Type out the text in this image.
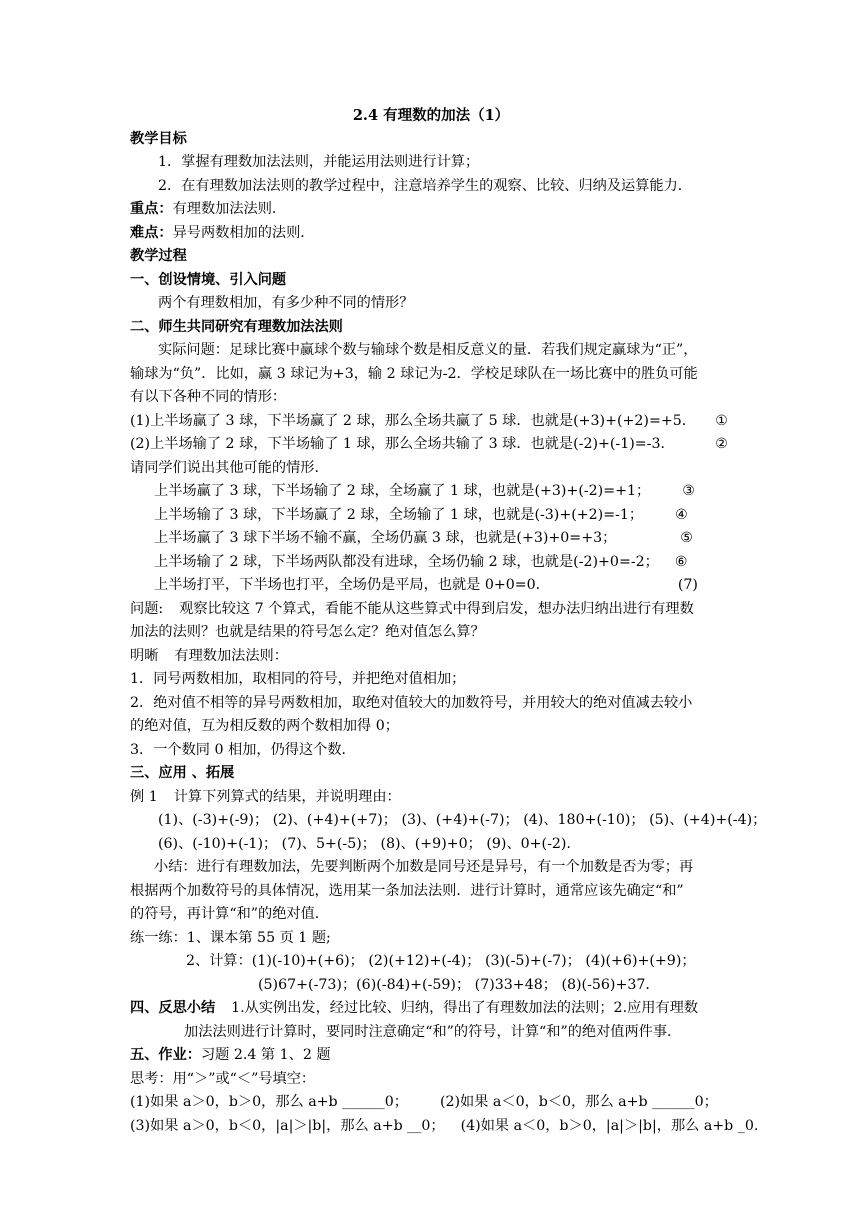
2.4 有理数的加法（1）
教学目标
1．掌握有理数加法法则，并能运用法则进行计算；
2．在有理数加法法则的教学过程中，注意培养学生的观察、比较、归纳及运算能力．
重点：有理数加法法则．
难点：异号两数相加的法则．
教学过程
一、创设情境、引入问题
两个有理数相加，有多少种不同的情形？
二、师生共同研究有理数加法法则
实际问题：足球比赛中赢球个数与输球个数是相反意义的量．若我们规定赢球为“正”，
输球为“负”．比如，赢 3 球记为+3，输 2 球记为-2．学校足球队在一场比赛中的胜负可能
有以下各种不同的情形：
(1)上半场赢了 3 球，下半场赢了 2 球，那么全场共赢了 5 球．也就是(+3)+(+2)=+5． ①
(2)上半场输了 2 球，下半场输了 1 球，那么全场共输了 3 球．也就是(-2)+(-1)=-3．	②
请同学们说出其他可能的情形．
上半场赢了 3 球，下半场输了 2 球，全场赢了 1 球，也就是(+3)+(-2)=+1； ③
上半场输了 3 球，下半场赢了 2 球，全场输了 1 球，也就是(-3)+(+2)=-1； ④
上半场赢了 3 球下半场不输不赢，全场仍赢 3 球，也就是(+3)+0=+3；	⑤
上半场输了 2 球，下半场两队都没有进球，全场仍输 2 球，也就是(-2)+0=-2； ⑥
上半场打平，下半场也打平，全场仍是平局，也就是 0+0=0．	(7)
问题: 观察比较这 7 个算式，看能不能从这些算式中得到启发，想办法归纳出进行有理数
加法的法则？也就是结果的符号怎么定？绝对值怎么算？
明晰 有理数加法法则：
1．同号两数相加，取相同的符号，并把绝对值相加；
2．绝对值不相等的异号两数相加，取绝对值较大的加数符号，并用较大的绝对值减去较小
的绝对值，互为相反数的两个数相加得 0；
3．一个数同 0 相加，仍得这个数．
三、应用 、拓展
例 1 计算下列算式的结果，并说明理由：
(1)、(-3)+(-9)； (2)、(+4)+(+7)； (3)、(+4)+(-7)； (4)、180+(-10)； (5)、(+4)+(-4)；
(6)、(-10)+(-1)； (7)、5+(-5)； (8)、(+9)+0； (9)、0+(-2).
小结：进行有理数加法，先要判断两个加数是同号还是异号，有一个加数是否为零；再
根据两个加数符号的具体情况，选用某一条加法法则．进行计算时，通常应该先确定“和”
的符号，再计算“和”的绝对值．
练一练：1、课本第 55 页 1 题;
2、计算：(1)(-10)+(+6)； (2)(+12)+(-4)； (3)(-5)+(-7)； (4)(+6)+(+9)；
(5)67+(-73)；(6)(-84)+(-59)； (7)33+48； (8)(-56)+37．
四、反思小结 1.从实例出发，经过比较、归纳，得出了有理数加法的法则；2.应用有理数
加法法则进行计算时，要同时注意确定“和”的符号，计算“和”的绝对值两件事．
五、作业：习题 2.4 第 1、2 题
思考：用“＞”或“＜”号填空：
(1)如果 a＞0，b＞0，那么 a+b ______0； (2)如果 a＜0，b＜0，那么 a+b ______0；
(3)如果 a＞0，b＜0，|a|＞|b|，那么 a+b __0； (4)如果 a＜0，b＞0，|a|＞|b|，那么 a+b _0.
